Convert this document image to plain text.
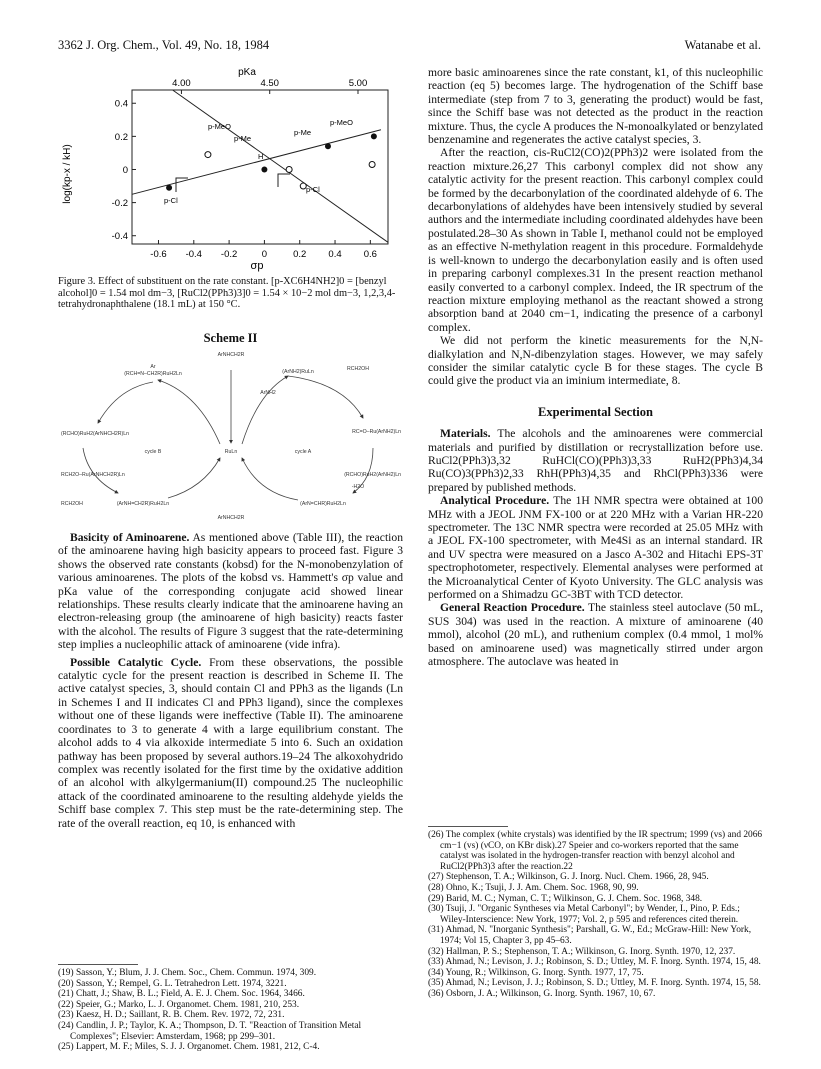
3362 J. Org. Chem., Vol. 49, No. 18, 1984	Watanabe et al.
pKa
log(kp-x / kH)
σp
0.4
0.2
0
-0.2
-0.4
-0.6 -0.4 -0.2	0	0.2 0.4 0.6
4.00	4.50	5.00
p-Cl
p-MeO
p-Me
H
p-Me
p-MeO
p-Cl
Figure 3. Effect of substituent on the rate constant. [p-XC6H4NH2]0 = [benzyl alcohol]0 = 1.54 mol dm−3, [RuCl2(PPh3)3]0 = 1.54 × 10−2 mol dm−3, 1,2,3,4-tetrahydronaphthalene (18.1 mL) at 150 °C.
Scheme II
ArNHCH2R
Ar
(RCH=N–CH2R)RuH2Ln	(ArNH2)RuLn	RCH2OH
ArNH2
(RCHO)RuH2(ArNHCH2R)Ln	RC=O–Ru(ArNH2)Ln
cycle B	RuLn	cycle A
RCH2O–Ru(ArNHCH2R)Ln	(RCHO)RuH2(ArNH2)Ln
-H2O
RCH2OH	(ArNH=CH2R)RuH2Ln	(ArN=CHR)RuH2Ln
ArNHCH2R

Basicity of Aminoarene. As mentioned above (Table III), the reaction of the aminoarene having high basicity appears to proceed fast. Figure 3 shows the observed rate constants (kobsd) for the N-monobenzylation of various aminoarenes. The plots of the kobsd vs. Hammett's σp value and pKa value of the corresponding conjugate acid showed linear relationships. These results clearly indicate that the aminoarene having an electron-releasing group (the aminoarene of high basicity) reacts faster with the alcohol. The results of Figure 3 suggest that the rate-determining step implies a nucleophilic attack of aminoarene (vide infra).

Possible Catalytic Cycle. From these observations, the possible catalytic cycle for the present reaction is described in Scheme II. The active catalyst species, 3, should contain Cl and PPh3 as the ligands (Ln in Schemes I and II indicates Cl and PPh3 ligand), since the complexes without one of these ligands were ineffective (Table II). The aminoarene coordinates to 3 to generate 4 with a large equilibrium constant. The alcohol adds to 4 via alkoxide intermediate 5 into 6. Such an oxidation pathway has been proposed by several authors.19–24 The alkoxohydrido complex was recently isolated for the first time by the oxidative addition of an alcohol with alkylgermanium(II) compound.25 The nucleophilic attack of the coordinated aminoarene to the resulting aldehyde yields the Schiff base complex 7. This step must be the rate-determining step. The rate of the overall reaction, eq 10, is enhanced with

(19) Sasson, Y.; Blum, J. J. Chem. Soc., Chem. Commun. 1974, 309.
(20) Sasson, Y.; Rempel, G. L. Tetrahedron Lett. 1974, 3221.
(21) Chatt, J.; Shaw, B. L.; Field, A. E. J. Chem. Soc. 1964, 3466.
(22) Speier, G.; Marko, L. J. Organomet. Chem. 1981, 210, 253.
(23) Kaesz, H. D.; Saillant, R. B. Chem. Rev. 1972, 72, 231.
(24) Candlin, J. P.; Taylor, K. A.; Thompson, D. T. "Reaction of Transition Metal Complexes"; Elsevier: Amsterdam, 1968; pp 299–301.
(25) Lappert, M. F.; Miles, S. J. J. Organomet. Chem. 1981, 212, C-4.

more basic aminoarenes since the rate constant, k1, of this nucleophilic reaction (eq 5) becomes large. The hydrogenation of the Schiff base intermediate (step from 7 to 3, generating the product) would be fast, since the Schiff base was not detected as the product in the reaction mixture. Thus, the cycle A produces the N-monoalkylated or benzylated benzenamine and regenerates the active catalyst species, 3.

After the reaction, cis-RuCl2(CO)2(PPh3)2 were isolated from the reaction mixture.26,27 This carbonyl complex did not show any catalytic activity for the present reaction. This carbonyl complex could be formed by the decarbonylation of the coordinated aldehyde of 6. The decarbonylations of aldehydes have been intensively studied by several authors and the intermediate including coordinated aldehydes have been postulated.28–30 As shown in Table I, methanol could not be employed as an effective N-methylation reagent in this procedure. Formaldehyde is well-known to undergo the decarbonylation easily and is often used in preparing carbonyl complexes.31 In the present reaction methanol easily converted to a carbonyl complex. Indeed, the IR spectrum of the reaction mixture employing methanol as the reactant showed a strong absorption band at 2040 cm−1, indicating the presence of a carbonyl complex.

We did not perform the kinetic measurements for the N,N-dialkylation and N,N-dibenzylation stages. However, we may safely consider the similar catalytic cycle B for these stages. The cycle B could give the product via an iminium intermediate, 8.

Experimental Section

Materials. The alcohols and the aminoarenes were commercial materials and purified by distillation or recrystallization before use. RuCl2(PPh3)3,32 RuHCl(CO)(PPh3)3,33 RuH2(PPh3)4,34 Ru(CO)3(PPh3)2,33 RhH(PPh3)4,35 and RhCl(PPh3)336 were prepared by published methods.

Analytical Procedure. The 1H NMR spectra were obtained at 100 MHz with a JEOL JNM FX-100 or at 220 MHz with a Varian HR-220 spectrometer. The 13C NMR spectra were recorded at 25.05 MHz with a JEOL FX-100 spectrometer, with Me4Si as an internal standard. IR and UV spectra were measured on a Jasco A-302 and Hitachi EPS-3T spectrophotometer, respectively. Elemental analyses were performed at the Microanalytical Center of Kyoto University. The GLC analysis was performed on a Shimadzu GC-3BT with TCD detector.

General Reaction Procedure. The stainless steel autoclave (50 mL, SUS 304) was used in the reaction. A mixture of aminoarene (40 mmol), alcohol (20 mL), and ruthenium complex (0.4 mmol, 1 mol% based on aminoarene used) was magnetically stirred under argon atmosphere. The autoclave was heated in

(26) The complex (white crystals) was identified by the IR spectrum; 1999 (vs) and 2066 cm−1 (vs) (νCO, on KBr disk).27 Speier and co-workers reported that the same catalyst was isolated in the hydrogen-transfer reaction with benzyl alcohol and RuCl2(PPh3)3 after the reaction.22
(27) Stephenson, T. A.; Wilkinson, G. J. Inorg. Nucl. Chem. 1966, 28, 945.
(28) Ohno, K.; Tsuji, J. J. Am. Chem. Soc. 1968, 90, 99.
(29) Barid, M. C.; Nyman, C. T.; Wilkinson, G. J. Chem. Soc. 1968, 348.
(30) Tsuji, J. "Organic Syntheses via Metal Carbonyl"; by Wender, I., Pino, P. Eds.; Wiley-Interscience: New York, 1977; Vol. 2, p 595 and references cited therein.
(31) Ahmad, N. "Inorganic Synthesis"; Parshall, G. W., Ed.; McGraw-Hill: New York, 1974; Vol 15, Chapter 3, pp 45–63.
(32) Hallman, P. S.; Stephenson, T. A.; Wilkinson, G. Inorg. Synth. 1970, 12, 237.
(33) Ahmad, N.; Levison, J. J.; Robinson, S. D.; Uttley, M. F. Inorg. Synth. 1974, 15, 48.
(34) Young, R.; Wilkinson, G. Inorg. Synth. 1977, 17, 75.
(35) Ahmad, N.; Levison, J. J.; Robinson, S. D.; Uttley, M. F. Inorg. Synth. 1974, 15, 58.
(36) Osborn, J. A.; Wilkinson, G. Inorg. Synth. 1967, 10, 67.
